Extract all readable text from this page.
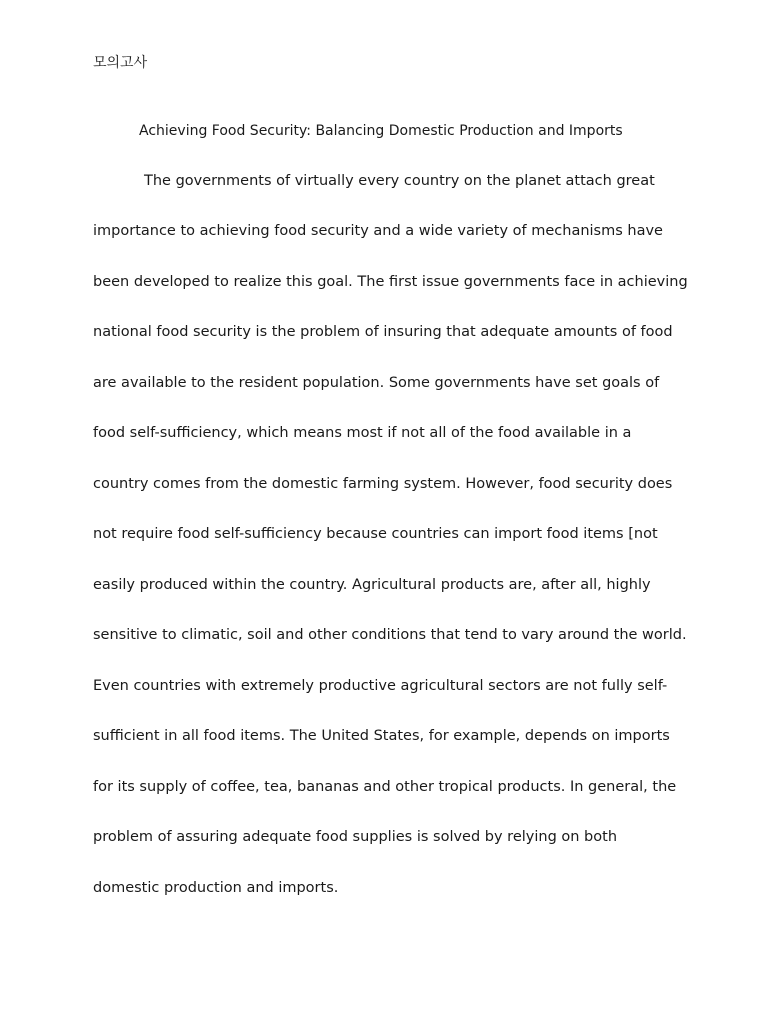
모의고사
Achieving Food Security: Balancing Domestic Production and Imports
The governments of virtually every country on the planet attach great
importance to achieving food security and a wide variety of mechanisms have
been developed to realize this goal. The first issue governments face in achieving
national food security is the problem of insuring that adequate amounts of food
are available to the resident population. Some governments have set goals of
food self-sufficiency, which means most if not all of the food available in a
country comes from the domestic farming system. However, food security does
not require food self-sufficiency because countries can import food items [not
easily produced within the country. Agricultural products are, after all, highly
sensitive to climatic, soil and other conditions that tend to vary around the world.
Even countries with extremely productive agricultural sectors are not fully self-
sufficient in all food items. The United States, for example, depends on imports
for its supply of coffee, tea, bananas and other tropical products. In general, the
problem of assuring adequate food supplies is solved by relying on both
domestic production and imports.
